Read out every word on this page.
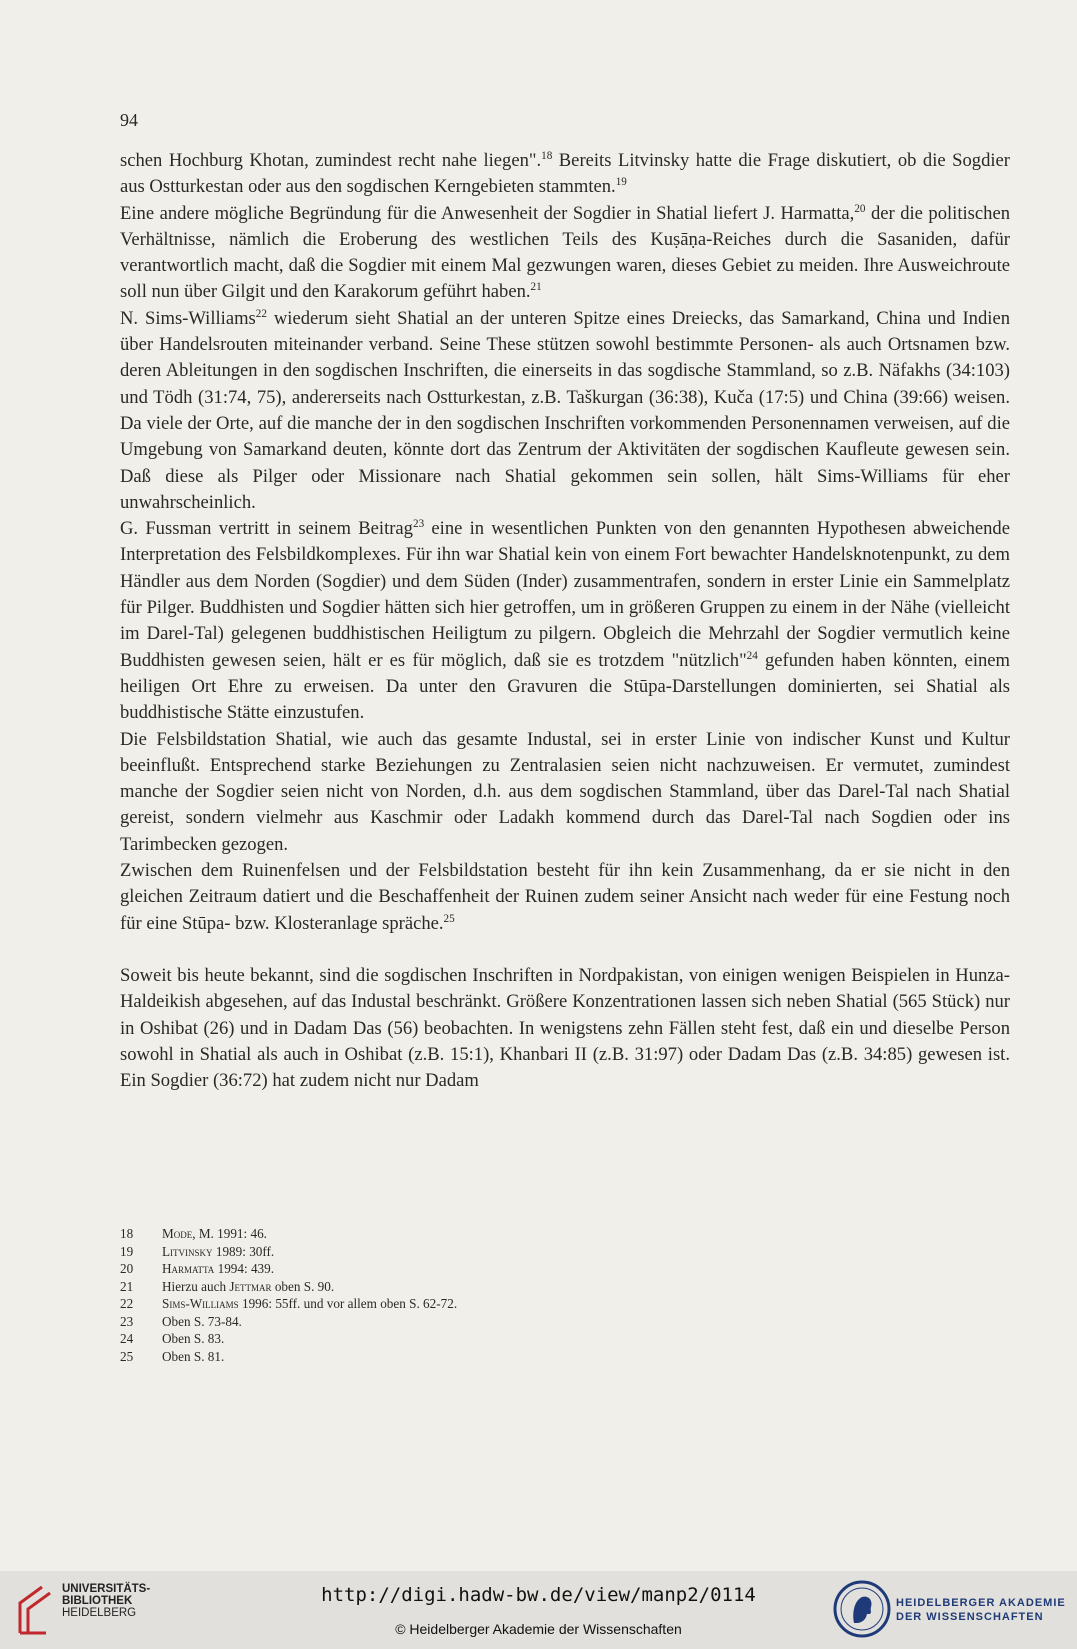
94

schen Hochburg Khotan, zumindest recht nahe liegen".$^{18}$ Bereits Litvinsky hatte die Frage diskutiert, ob die Sogdier aus Ostturkestan oder aus den sogdischen Kerngebieten stammten.$^{19}$

Eine andere mögliche Begründung für die Anwesenheit der Sogdier in Shatial liefert J. Harmatta,$^{20}$ der die politischen Verhältnisse, nämlich die Eroberung des westlichen Teils des Kuṣāṇa-Reiches durch die Sasaniden, dafür verantwortlich macht, daß die Sogdier mit einem Mal gezwungen waren, dieses Gebiet zu meiden. Ihre Ausweichroute soll nun über Gilgit und den Karakorum geführt haben.$^{21}$

N. Sims-Williams$^{22}$ wiederum sieht Shatial an der unteren Spitze eines Dreiecks, das Samarkand, China und Indien über Handelsrouten miteinander verband. Seine These stützen sowohl bestimmte Personen- als auch Ortsnamen bzw. deren Ableitungen in den sogdischen Inschriften, die einerseits in das sogdische Stammland, so z.B. Näfakhs (34:103) und Tödh (31:74, 75), andererseits nach Ostturkestan, z.B. Taškurgan (36:38), Kuča (17:5) und China (39:66) weisen. Da viele der Orte, auf die manche der in den sogdischen Inschriften vorkommenden Personennamen verweisen, auf die Umgebung von Samarkand deuten, könnte dort das Zentrum der Aktivitäten der sogdischen Kaufleute gewesen sein. Daß diese als Pilger oder Missionare nach Shatial gekommen sein sollen, hält Sims-Williams für eher unwahrscheinlich.

G. Fussman vertritt in seinem Beitrag$^{23}$ eine in wesentlichen Punkten von den genannten Hypothesen abweichende Interpretation des Felsbildkomplexes. Für ihn war Shatial kein von einem Fort bewachter Handelsknotenpunkt, zu dem Händler aus dem Norden (Sogdier) und dem Süden (Inder) zusammentrafen, sondern in erster Linie ein Sammelplatz für Pilger. Buddhisten und Sogdier hätten sich hier getroffen, um in größeren Gruppen zu einem in der Nähe (vielleicht im Darel-Tal) gelegenen buddhistischen Heiligtum zu pilgern. Obgleich die Mehrzahl der Sogdier vermutlich keine Buddhisten gewesen seien, hält er es für möglich, daß sie es trotzdem "nützlich"$^{24}$ gefunden haben könnten, einem heiligen Ort Ehre zu erweisen. Da unter den Gravuren die Stūpa-Darstellungen dominierten, sei Shatial als buddhistische Stätte einzustufen.

Die Felsbildstation Shatial, wie auch das gesamte Industal, sei in erster Linie von indischer Kunst und Kultur beeinflußt. Entsprechend starke Beziehungen zu Zentralasien seien nicht nachzuweisen. Er vermutet, zumindest manche der Sogdier seien nicht von Norden, d.h. aus dem sogdischen Stammland, über das Darel-Tal nach Shatial gereist, sondern vielmehr aus Kaschmir oder Ladakh kommend durch das Darel-Tal nach Sogdien oder ins Tarimbecken gezogen.

Zwischen dem Ruinenfelsen und der Felsbildstation besteht für ihn kein Zusammenhang, da er sie nicht in den gleichen Zeitraum datiert und die Beschaffenheit der Ruinen zudem seiner Ansicht nach weder für eine Festung noch für eine Stūpa- bzw. Klosteranlage spräche.$^{25}$

Soweit bis heute bekannt, sind die sogdischen Inschriften in Nordpakistan, von einigen wenigen Beispielen in Hunza-Haldeikish abgesehen, auf das Industal beschränkt. Größere Konzentrationen lassen sich neben Shatial (565 Stück) nur in Oshibat (26) und in Dadam Das (56) beobachten. In wenigstens zehn Fällen steht fest, daß ein und dieselbe Person sowohl in Shatial als auch in Oshibat (z.B. 15:1), Khanbari II (z.B. 31:97) oder Dadam Das (z.B. 34:85) gewesen ist. Ein Sogdier (36:72) hat zudem nicht nur Dadam

18	Mode, M. 1991: 46.
19	Litvinsky 1989: 30ff.
20	Harmatta 1994: 439.
21	Hierzu auch Jettmar oben S. 90.
22	Sims-Williams 1996: 55ff. und vor allem oben S. 62-72.
23	Oben S. 73-84.
24	Oben S. 83.
25	Oben S. 81.
UNIVERSITÄTS-
BIBLIOTHEK
HEIDELBERG
http://digi.hadw-bw.de/view/manp2/0114
© Heidelberger Akademie der Wissenschaften
HEIDELBERGER AKADEMIE
DER WISSENSCHAFTEN
